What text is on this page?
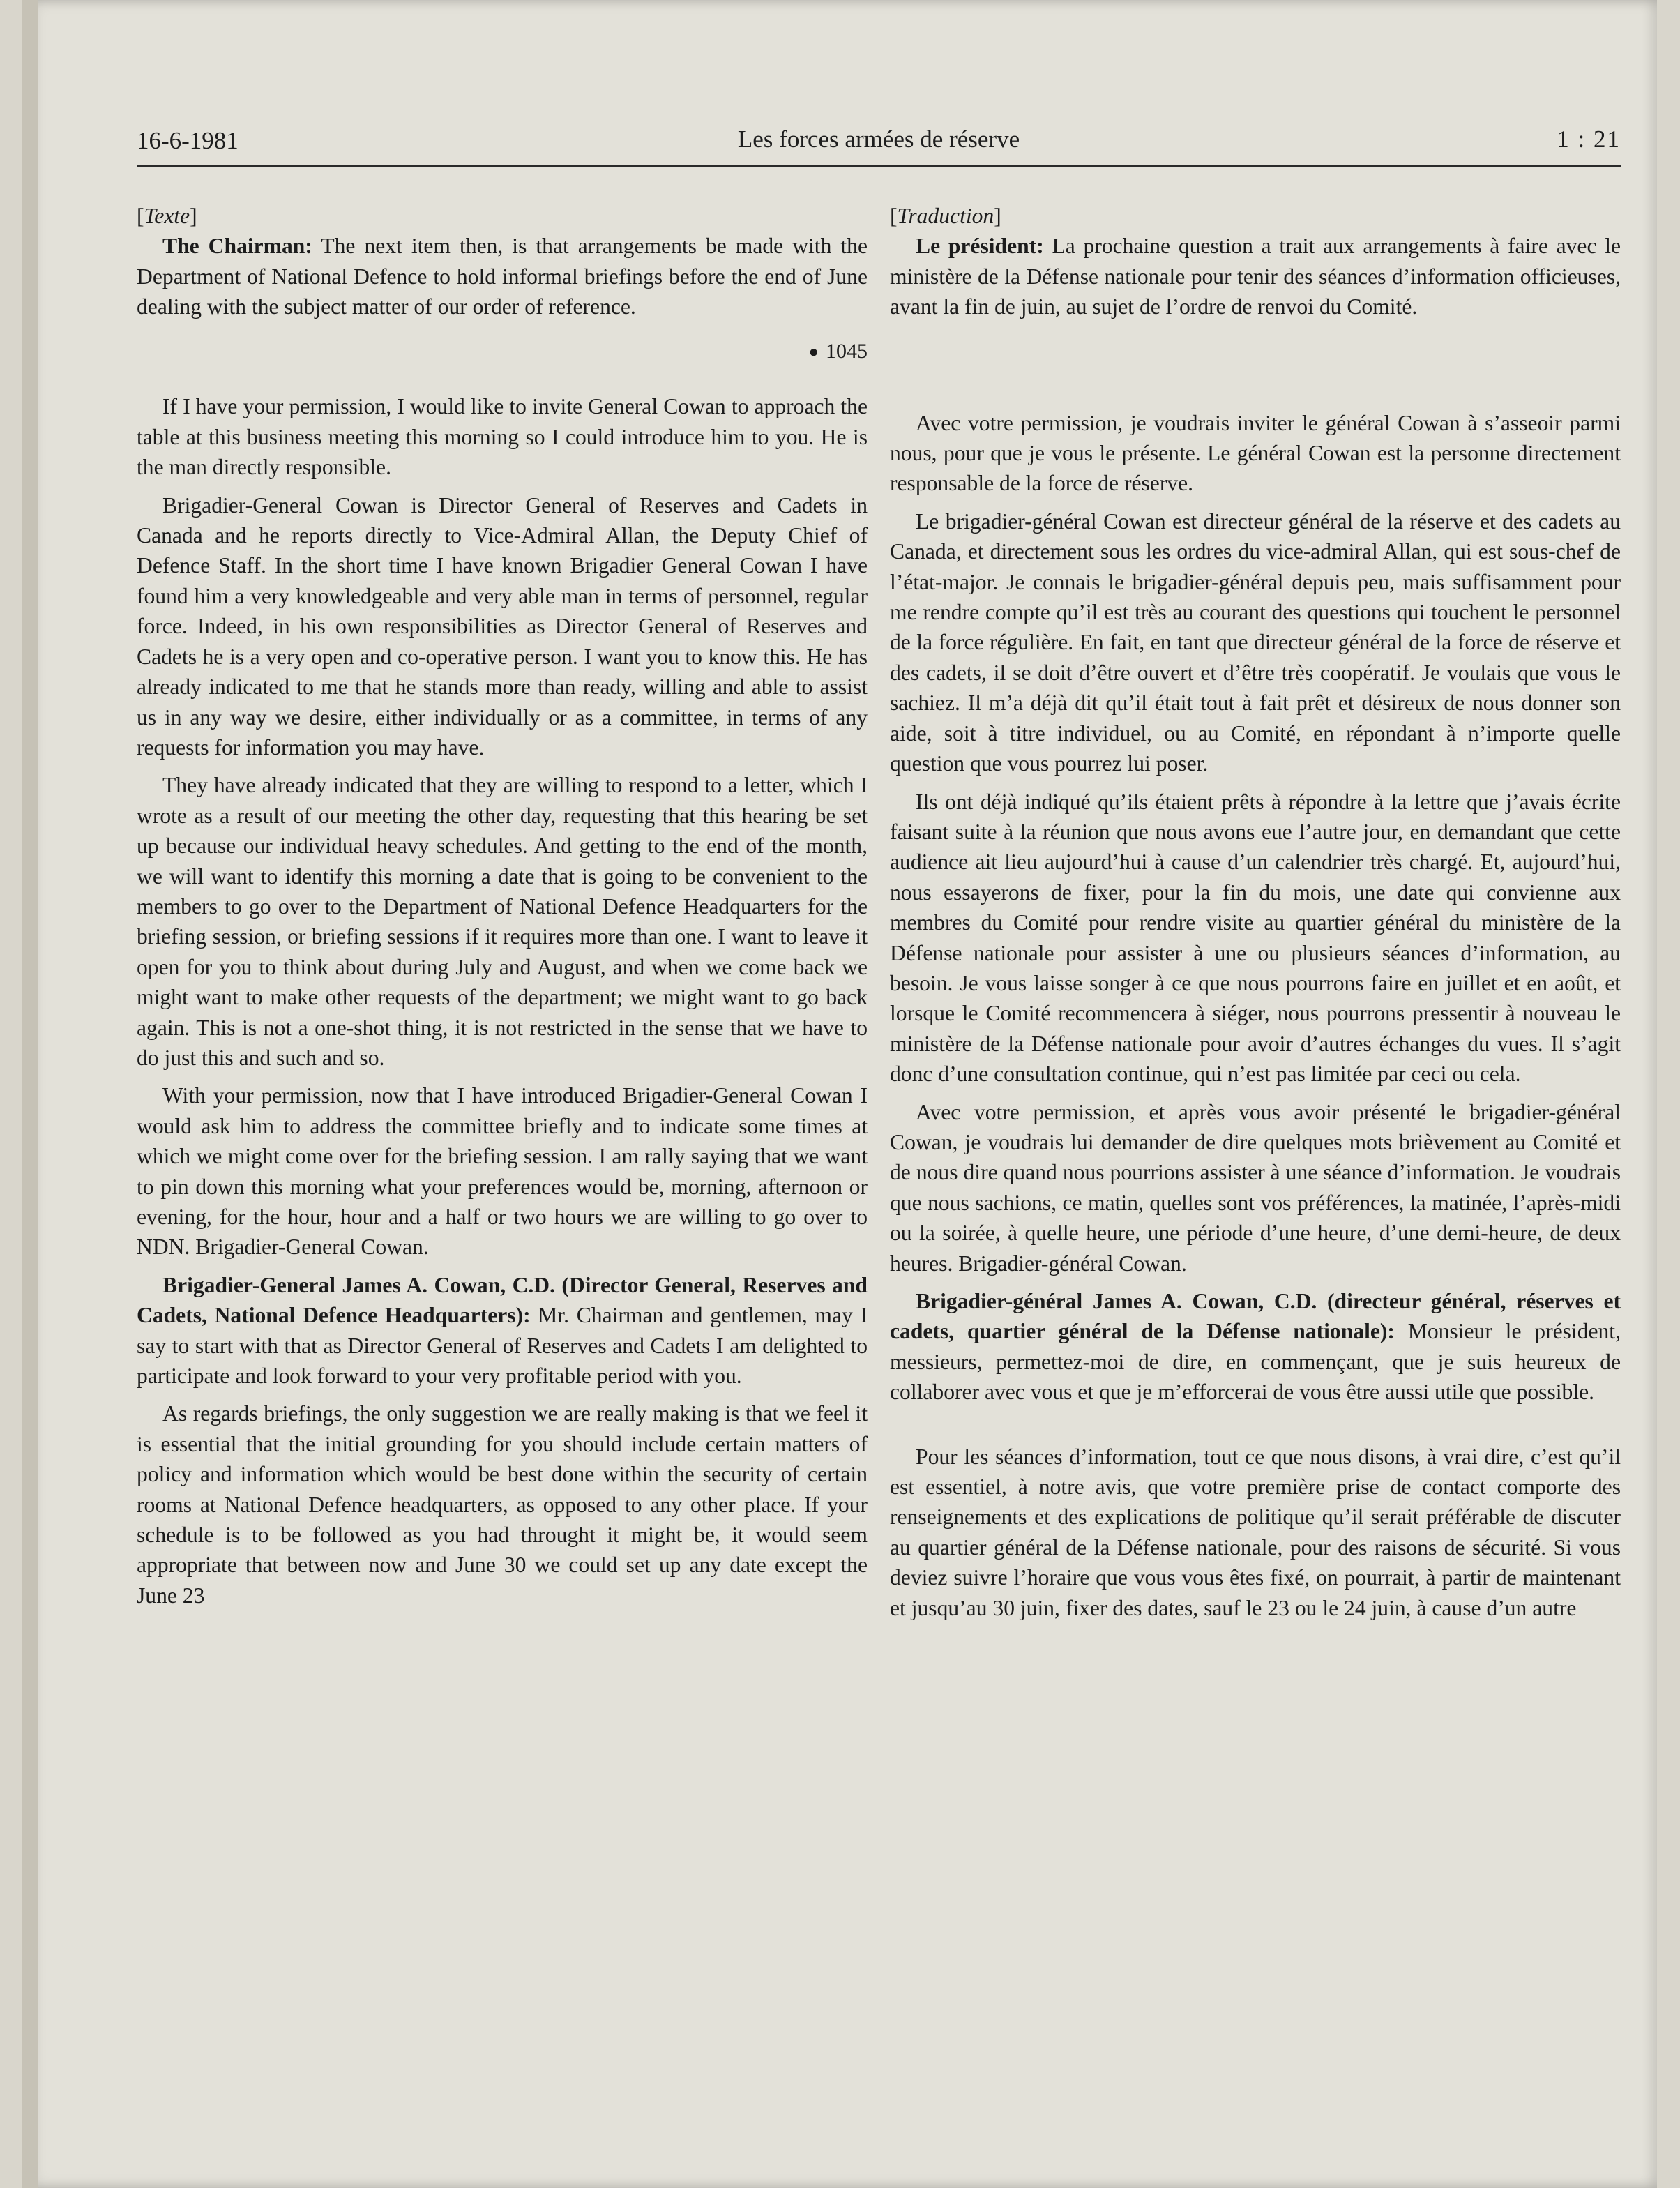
16-6-1981	Les forces armées de réserve	1 : 21

[Texte]

The Chairman: The next item then, is that arrangements be made with the Department of National Defence to hold informal briefings before the end of June dealing with the subject matter of our order of reference.

● 1045

If I have your permission, I would like to invite General Cowan to approach the table at this business meeting this morning so I could introduce him to you. He is the man directly responsible.

Brigadier-General Cowan is Director General of Reserves and Cadets in Canada and he reports directly to Vice-Admiral Allan, the Deputy Chief of Defence Staff. In the short time I have known Brigadier General Cowan I have found him a very knowledgeable and very able man in terms of personnel, regular force. Indeed, in his own responsibilities as Director General of Reserves and Cadets he is a very open and co-operative person. I want you to know this. He has already indicated to me that he stands more than ready, willing and able to assist us in any way we desire, either individually or as a committee, in terms of any requests for information you may have.

They have already indicated that they are willing to respond to a letter, which I wrote as a result of our meeting the other day, requesting that this hearing be set up because our individual heavy schedules. And getting to the end of the month, we will want to identify this morning a date that is going to be convenient to the members to go over to the Department of National Defence Headquarters for the briefing session, or briefing sessions if it requires more than one. I want to leave it open for you to think about during July and August, and when we come back we might want to make other requests of the department; we might want to go back again. This is not a one-shot thing, it is not restricted in the sense that we have to do just this and such and so.

With your permission, now that I have introduced Brigadier-General Cowan I would ask him to address the committee briefly and to indicate some times at which we might come over for the briefing session. I am rally saying that we want to pin down this morning what your preferences would be, morning, afternoon or evening, for the hour, hour and a half or two hours we are willing to go over to NDN. Brigadier-General Cowan.

Brigadier-General James A. Cowan, C.D. (Director General, Reserves and Cadets, National Defence Headquarters): Mr. Chairman and gentlemen, may I say to start with that as Director General of Reserves and Cadets I am delighted to participate and look forward to your very profitable period with you.

As regards briefings, the only suggestion we are really making is that we feel it is essential that the initial grounding for you should include certain matters of policy and information which would be best done within the security of certain rooms at National Defence headquarters, as opposed to any other place. If your schedule is to be followed as you had throught it might be, it would seem appropriate that between now and June 30 we could set up any date except the June 23

[Traduction]

Le président: La prochaine question a trait aux arrangements à faire avec le ministère de la Défense nationale pour tenir des séances d’information officieuses, avant la fin de juin, au sujet de l’ordre de renvoi du Comité.

Avec votre permission, je voudrais inviter le général Cowan à s’asseoir parmi nous, pour que je vous le présente. Le général Cowan est la personne directement responsable de la force de réserve.

Le brigadier-général Cowan est directeur général de la réserve et des cadets au Canada, et directement sous les ordres du vice-admiral Allan, qui est sous-chef de l’état-major. Je connais le brigadier-général depuis peu, mais suffisamment pour me rendre compte qu’il est très au courant des questions qui touchent le personnel de la force régulière. En fait, en tant que directeur général de la force de réserve et des cadets, il se doit d’être ouvert et d’être très coopératif. Je voulais que vous le sachiez. Il m’a déjà dit qu’il était tout à fait prêt et désireux de nous donner son aide, soit à titre individuel, ou au Comité, en répondant à n’importe quelle question que vous pourrez lui poser.

Ils ont déjà indiqué qu’ils étaient prêts à répondre à la lettre que j’avais écrite faisant suite à la réunion que nous avons eue l’autre jour, en demandant que cette audience ait lieu aujourd’hui à cause d’un calendrier très chargé. Et, aujourd’hui, nous essayerons de fixer, pour la fin du mois, une date qui convienne aux membres du Comité pour rendre visite au quartier général du ministère de la Défense nationale pour assister à une ou plusieurs séances d’information, au besoin. Je vous laisse songer à ce que nous pourrons faire en juillet et en août, et lorsque le Comité recommencera à siéger, nous pourrons pressentir à nouveau le ministère de la Défense nationale pour avoir d’autres échanges du vues. Il s’agit donc d’une consultation continue, qui n’est pas limitée par ceci ou cela.

Avec votre permission, et après vous avoir présenté le brigadier-général Cowan, je voudrais lui demander de dire quelques mots brièvement au Comité et de nous dire quand nous pourrions assister à une séance d’information. Je voudrais que nous sachions, ce matin, quelles sont vos préférences, la matinée, l’après-midi ou la soirée, à quelle heure, une période d’une heure, d’une demi-heure, de deux heures. Brigadier-général Cowan.

Brigadier-général James A. Cowan, C.D. (directeur général, réserves et cadets, quartier général de la Défense nationale): Monsieur le président, messieurs, permettez-moi de dire, en commençant, que je suis heureux de collaborer avec vous et que je m’efforcerai de vous être aussi utile que possible.

Pour les séances d’information, tout ce que nous disons, à vrai dire, c’est qu’il est essentiel, à notre avis, que votre première prise de contact comporte des renseignements et des explications de politique qu’il serait préférable de discuter au quartier général de la Défense nationale, pour des raisons de sécurité. Si vous deviez suivre l’horaire que vous vous êtes fixé, on pourrait, à partir de maintenant et jusqu’au 30 juin, fixer des dates, sauf le 23 ou le 24 juin, à cause d’un autre
